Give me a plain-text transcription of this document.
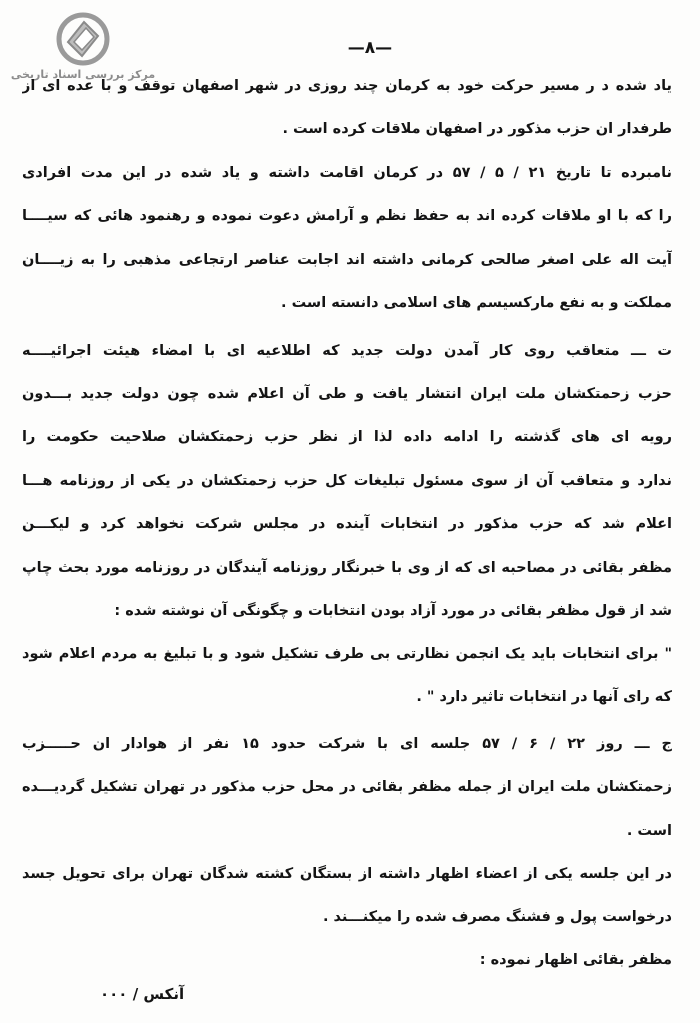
مرکز بررسی اسناد تاریخی
—۸—
یاد شده د ر مسیر حرکت خود به کرمان چند روزی در شهر اصفهان توقف و با عده ای از
طرفدار ان حزب مذکور در اصفهان ملاقات کرده است .
نامبرده تا تاریخ ۲۱ / ۵ / ۵۷ در کرمان اقامت داشته و یاد شده در این مدت افرادی
را که با او ملاقات کرده اند به حفظ نظم و آرامش دعوت نموده و رهنمود هائی که سیــــا
آیت اله علی اصغر صالحی کرمانی داشته اند اجابت عناصر ارتجاعی مذهبی را به زیــــان
مملکت و به نفع مارکسیسم های اسلامی دانسته است .
ت ـــ متعاقب روی کار آمدن دولت جدید که اطلاعیه ای با امضاء هیئت اجرائیــــه
حزب زحمتکشان ملت ایران انتشار یافت و طی آن اعلام شده چون دولت جدید بـــدون
رویه ای های گذشته را ادامه داده لذا از نظر حزب زحمتکشان صلاحیت حکومت را
ندارد و متعاقب آن از سوی مسئول تبلیغات کل حزب زحمتکشان در یکی از روزنامه هـــا
اعلام شد که حزب مذکور در انتخابات آینده در مجلس شرکت نخواهد کرد و لیکـــن
مظفر بقائی در مصاحبه ای که از وی با خبرنگار روزنامه آیندگان در روزنامه مورد بحث چاپ
شد از قول مظفر بقائی در مورد آزاد بودن انتخابات و چگونگی آن نوشته شده :
" برای انتخابات باید یک انجمن نظارتی بی طرف تشکیل شود و با تبلیغ به مردم اعلام شود
که رای آنها در انتخابات تاثیر دارد " .
ج ـــ روز ۲۲ / ۶ / ۵۷ جلسه ای با شرکت حدود ۱۵ نفر از هوادار ان حـــــزب
زحمتکشان ملت ایران از جمله مظفر بقائی در محل حزب مذکور در تهران تشکیل گردیـــده
است .
در این جلسه یکی از اعضاء اظهار داشته از بستگان کشته شدگان تهران برای تحویل جسد
درخواست پول و فشنگ مصرف شده را میکنـــند .
مظفر بقائی اظهار نموده :
آنکس / ۰۰۰
